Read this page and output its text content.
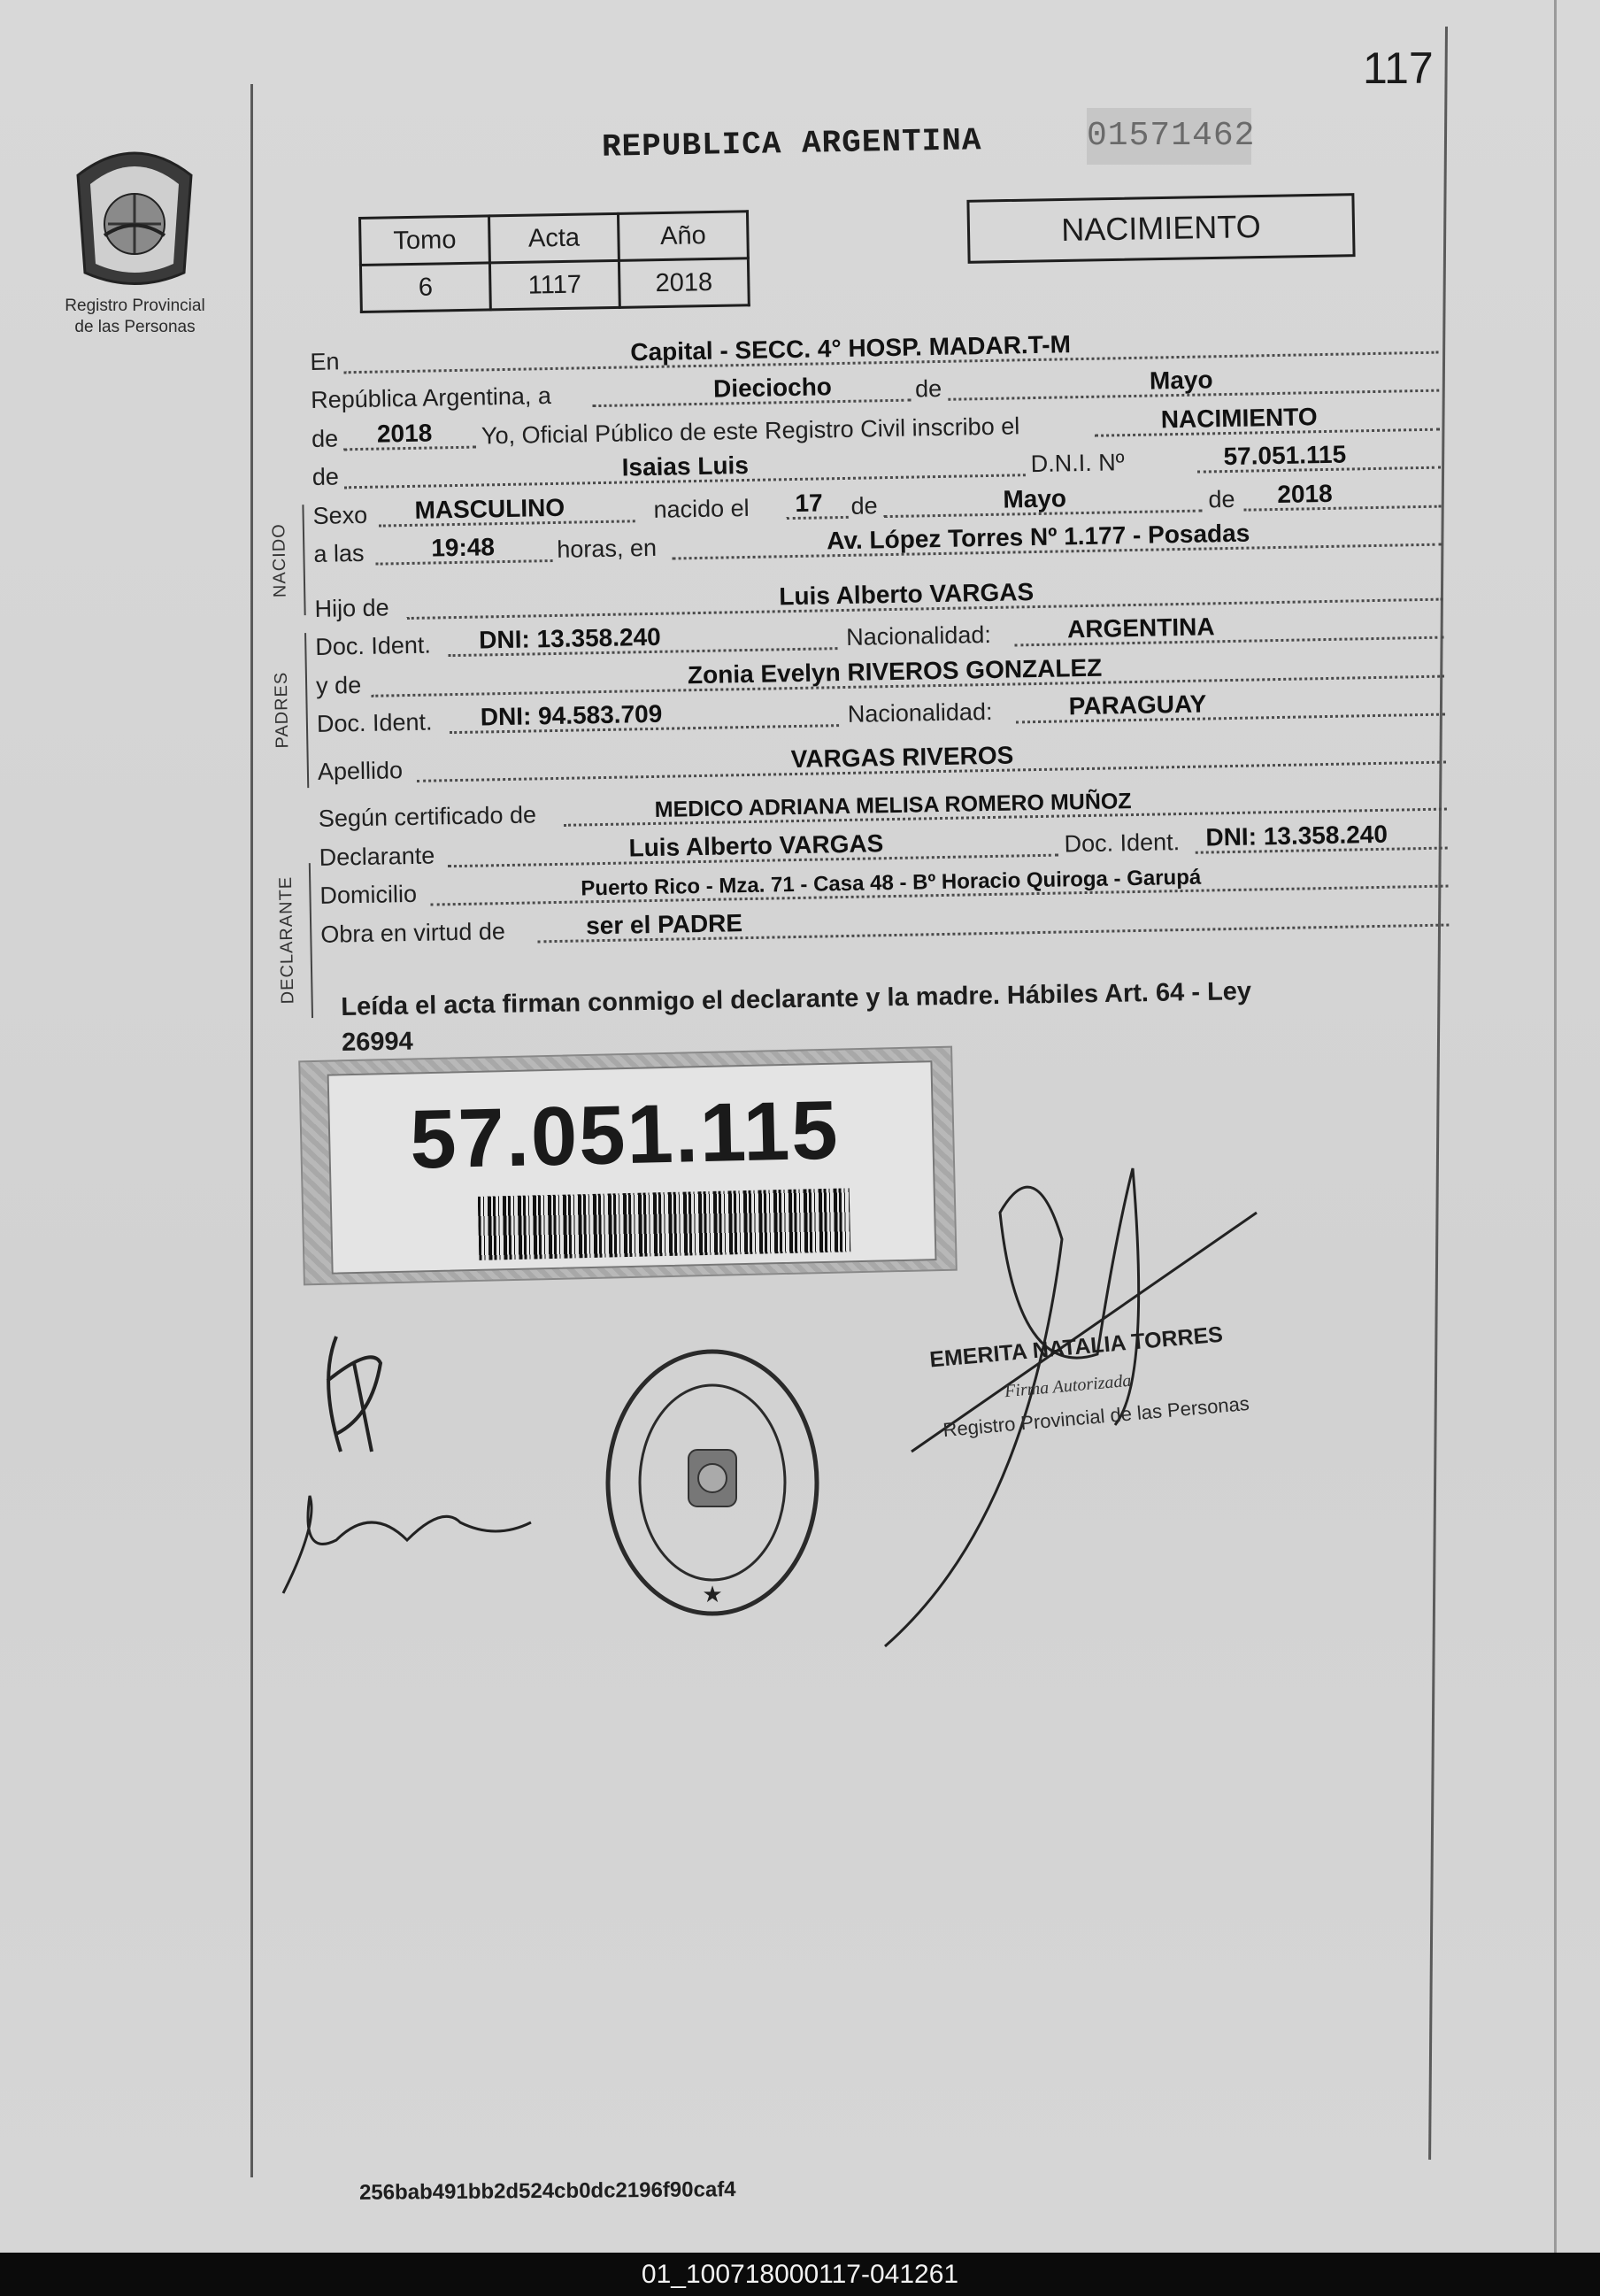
117
Registro Provincial
de las Personas
REPUBLICA ARGENTINA	01571462
Tomo	Acta	Año
6	1117	2018
NACIMIENTO
En	Capital - SECC. 4° HOSP. MADAR.T-M
República Argentina, a	Dieciocho	de	Mayo
de 2018 Yo, Oficial Público de este Registro Civil inscribo el	NACIMIENTO
de	Isaias Luis	D.N.I. Nº	57.051.115
Sexo MASCULINO	nacido el 17 de	Mayo	de 2018
a las	19:48	horas, en	Av. López Torres Nº 1.177 - Posadas
Hijo de	Luis Alberto VARGAS
Doc. Ident. DNI: 13.358.240	Nacionalidad:	ARGENTINA
y de	Zonia Evelyn RIVEROS GONZALEZ
Doc. Ident. DNI: 94.583.709	Nacionalidad:	PARAGUAY
Apellido	VARGAS RIVEROS
Según certificado de	MEDICO ADRIANA MELISA ROMERO MUÑOZ
Declarante	Luis Alberto VARGAS	Doc. Ident. DNI: 13.358.240
Domicilio	Puerto Rico - Mza. 71 - Casa 48 - Bº Horacio Quiroga - Garupá
Obra en virtud de	ser el PADRE
NACIDO
PADRES
DECLARANTE Leída el acta firman conmigo el declarante y la madre. Hábiles Art. 64 - Ley
26994
57.051.115
★
EMERITA NATALIA TORRES
Firma Autorizada
Registro Provincial de las Personas
256bab491bb2d524cb0dc2196f90caf4
01_100718000117-041261
